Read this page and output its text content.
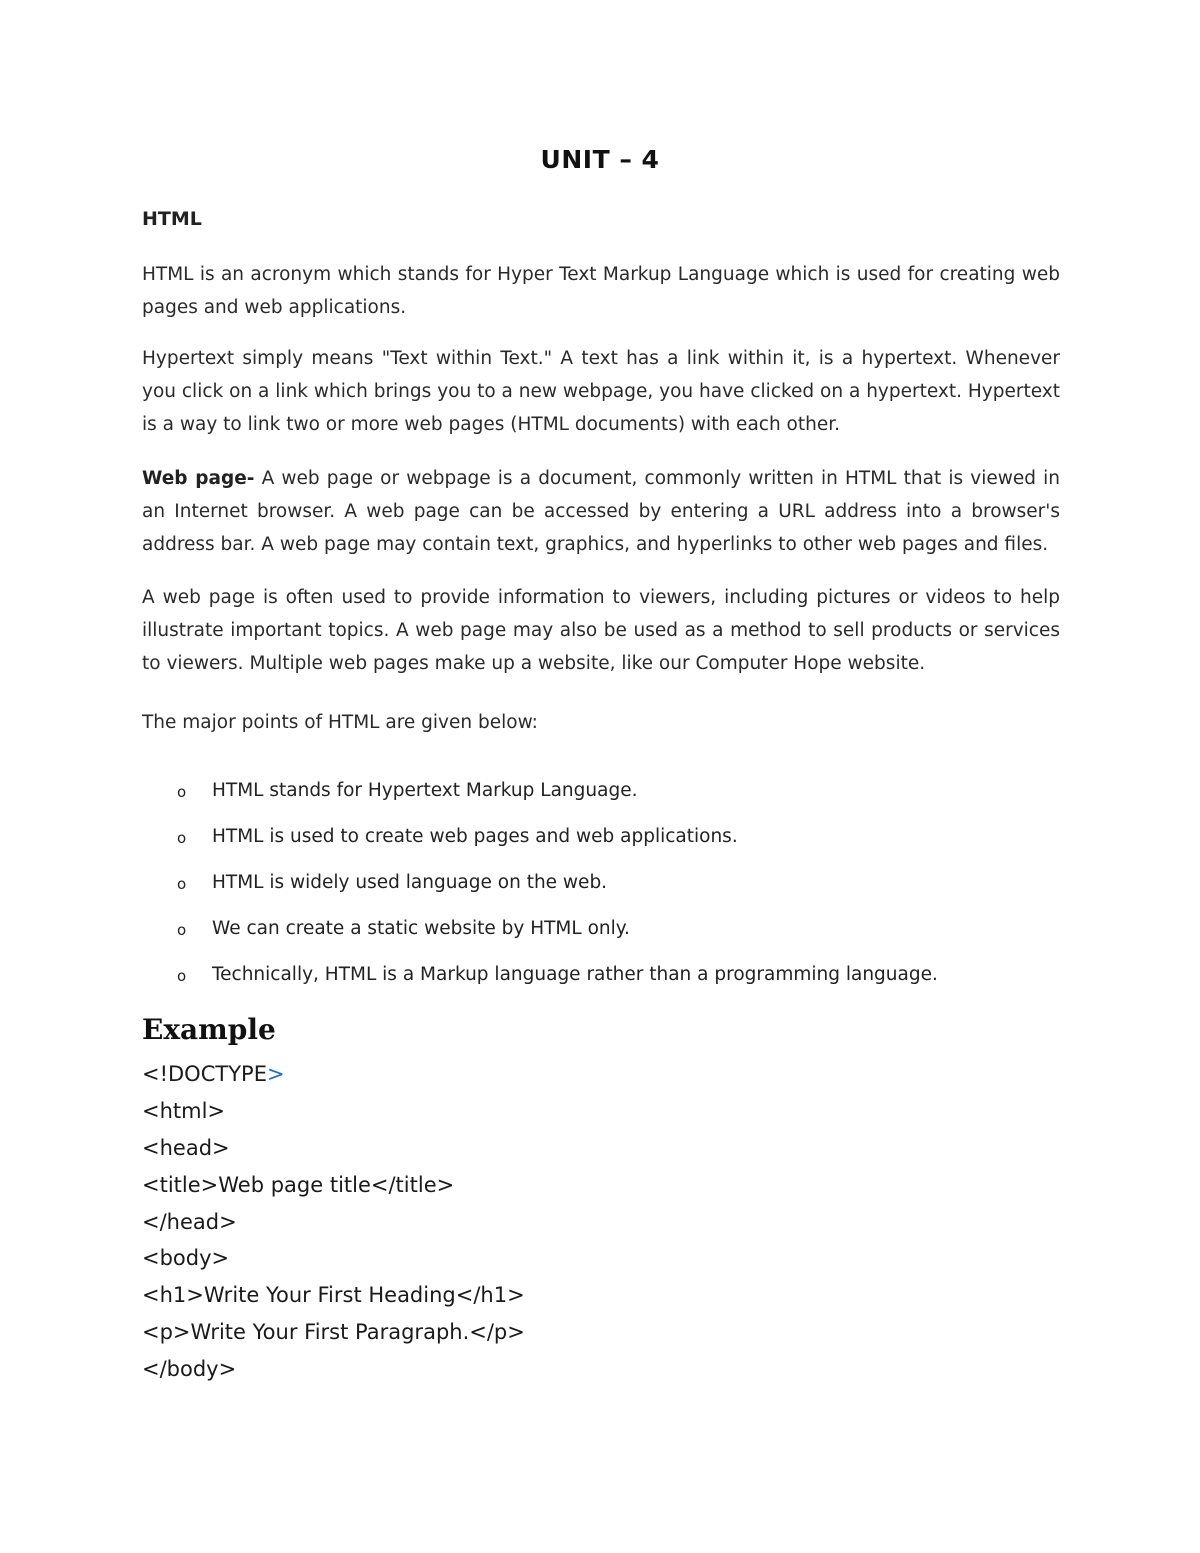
UNIT – 4
HTML

HTML is an acronym which stands for Hyper Text Markup Language which is used for creating web pages and web applications.

Hypertext simply means "Text within Text." A text has a link within it, is a hypertext. Whenever you click on a link which brings you to a new webpage, you have clicked on a hypertext. Hypertext is a way to link two or more web pages (HTML documents) with each other.

Web page- A web page or webpage is a document, commonly written in HTML that is viewed in an Internet browser. A web page can be accessed by entering a URL address into a browser's address bar. A web page may contain text, graphics, and hyperlinks to other web pages and files.

A web page is often used to provide information to viewers, including pictures or videos to help illustrate important topics. A web page may also be used as a method to sell products or services to viewers. Multiple web pages make up a website, like our Computer Hope website.

The major points of HTML are given below:

o HTML stands for Hypertext Markup Language.
o HTML is used to create web pages and web applications.
o HTML is widely used language on the web.
o We can create a static website by HTML only.
o Technically, HTML is a Markup language rather than a programming language.
Example
<!DOCTYPE>
<html>
<head>
<title>Web page title</title>
</head>
<body>
<h1>Write Your First Heading</h1>
<p>Write Your First Paragraph.</p>
</body>
